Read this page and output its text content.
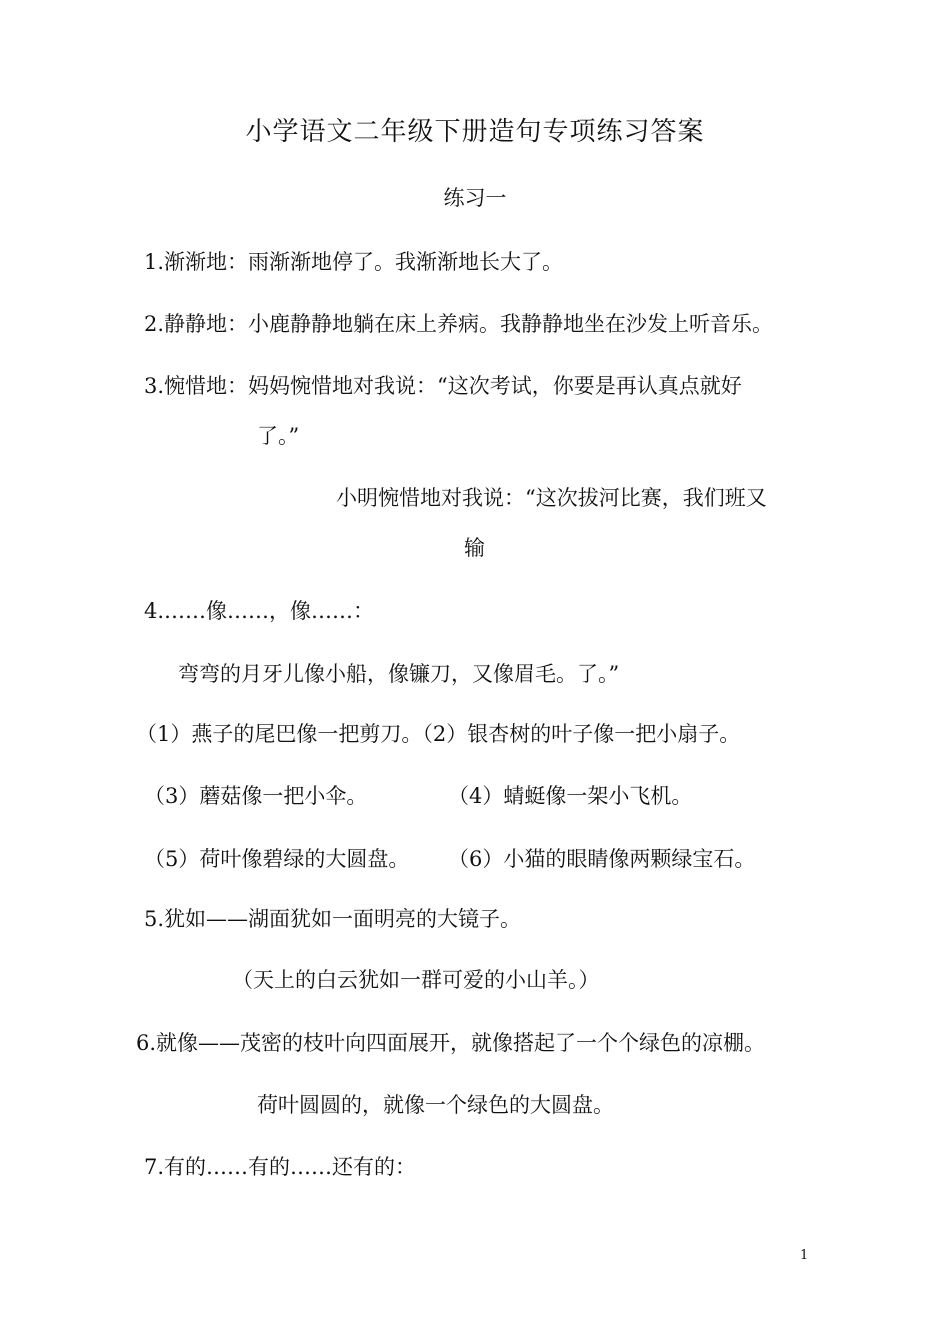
小学语文二年级下册造句专项练习答案
练习一
1.渐渐地：雨渐渐地停了。我渐渐地长大了。
2.静静地：小鹿静静地躺在床上养病。我静静地坐在沙发上听音乐。
3.惋惜地：妈妈惋惜地对我说：“这次考试，你要是再认真点就好
了。”
小明惋惜地对我说：“这次拔河比赛，我们班又
输
4.……像……，像……：
弯弯的月牙儿像小船，像镰刀，又像眉毛。了。”
（1）燕子的尾巴像一把剪刀。（2）银杏树的叶子像一把小扇子。
（3）蘑菇像一把小伞。	（4）蜻蜓像一架小飞机。
（5）荷叶像碧绿的大圆盘。 （6）小猫的眼睛像两颗绿宝石。
5.犹如——湖面犹如一面明亮的大镜子。
（天上的白云犹如一群可爱的小山羊。）
6.就像——茂密的枝叶向四面展开，就像搭起了一个个绿色的凉棚。
荷叶圆圆的，就像一个绿色的大圆盘。
7.有的……有的……还有的：
1
